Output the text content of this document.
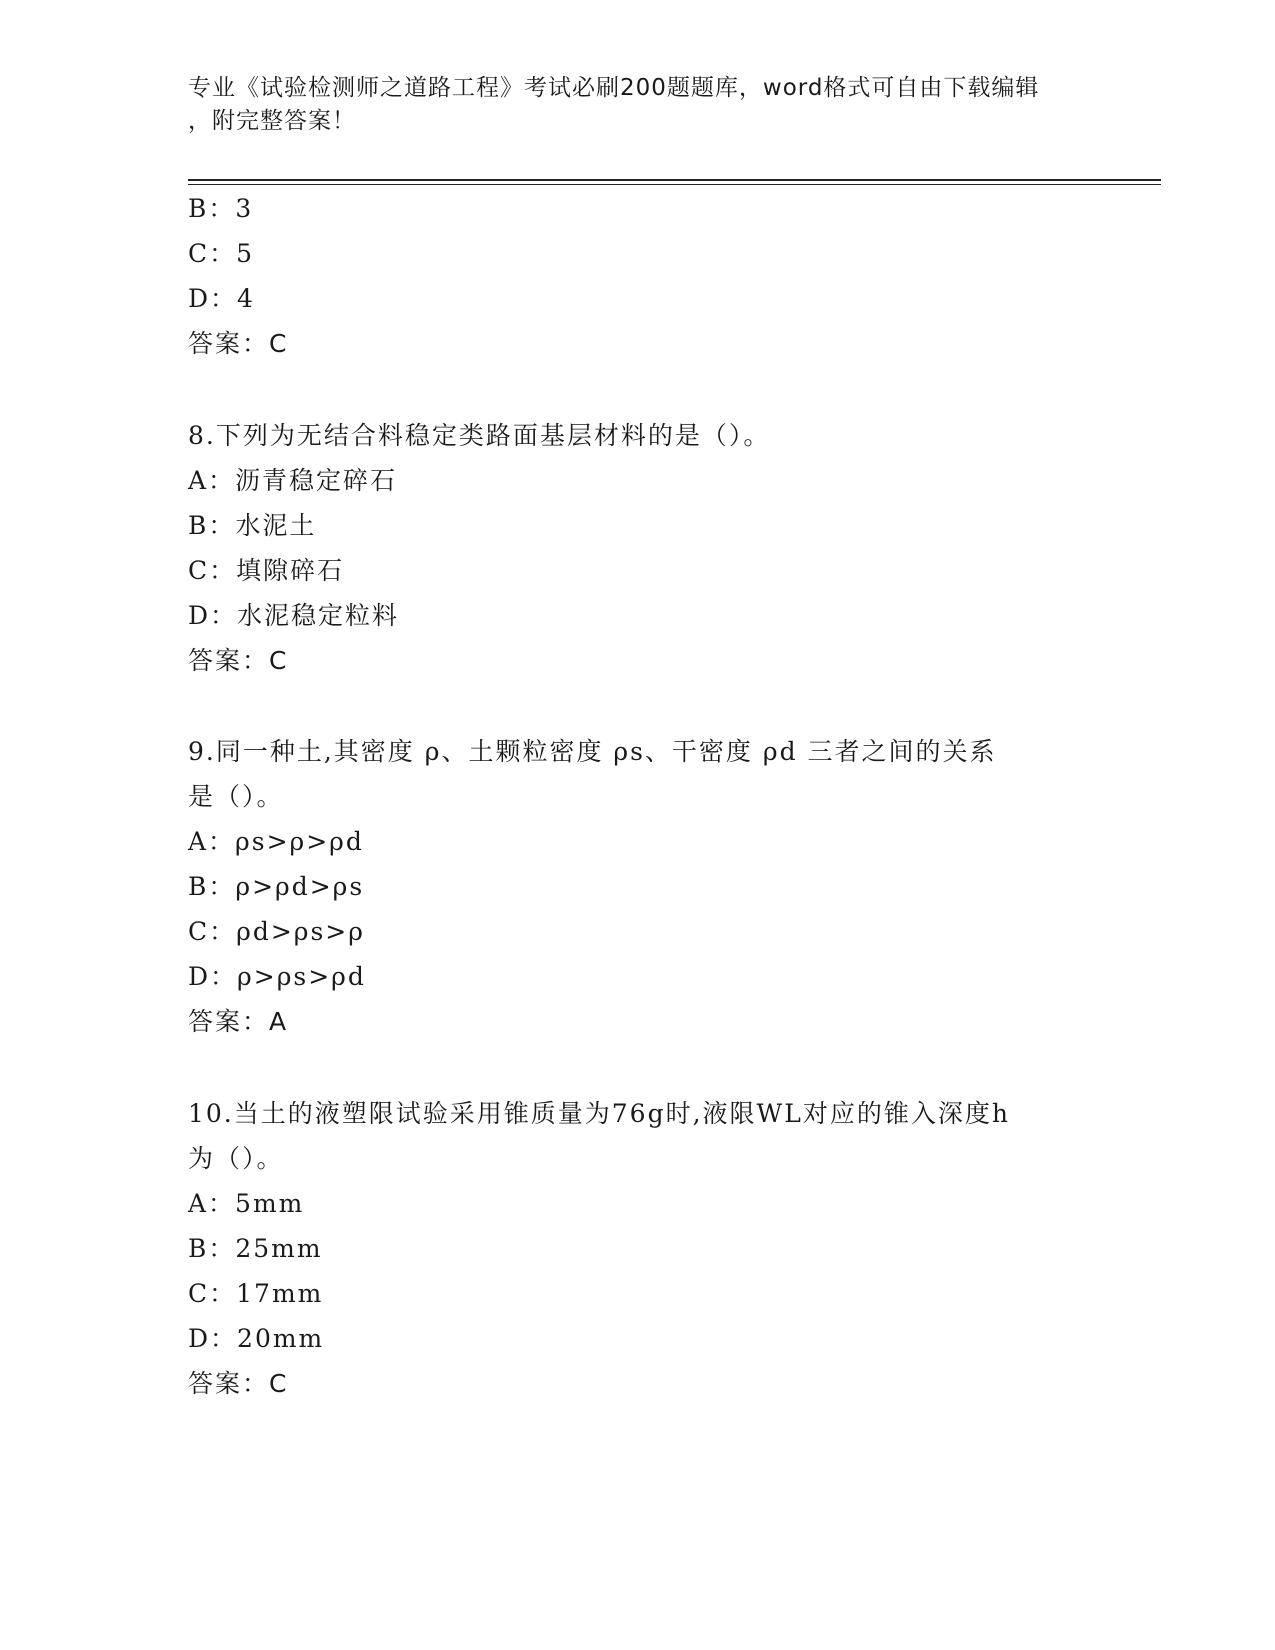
专业《试验检测师之道路工程》考试必刷200题题库，word格式可自由下载编辑
，附完整答案！
B：3
C：5
D：4
答案：C
8.下列为无结合料稳定类路面基层材料的是（）。
A：沥青稳定碎石
B：水泥土
C：填隙碎石
D：水泥稳定粒料
答案：C
9.同一种土,其密度 ρ、土颗粒密度 ρs、干密度 ρd 三者之间的关系
是（）。
A：ρs>ρ>ρd
B：ρ>ρd>ρs
C：ρd>ρs>ρ
D：ρ>ρs>ρd
答案：A
10.当土的液塑限试验采用锥质量为76g时,液限WL对应的锥入深度h
为（）。
A：5mm
B：25mm
C：17mm
D：20mm
答案：C
